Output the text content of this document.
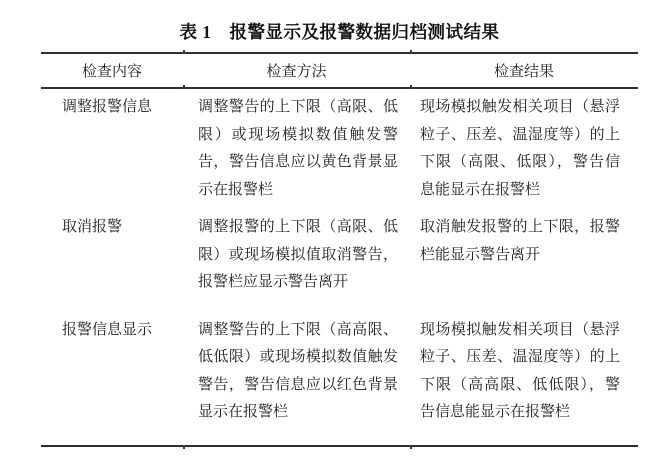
表 1　报警显示及报警数据归档测试结果
检查内容	检查方法	检查结果
调整报警信息	调整警告的上下限（高限、低限）或现场模拟数值触发警告，警告信息应以黄色背景显示在报警栏	现场模拟触发相关项目（悬浮粒子、压差、温湿度等）的上下限（高限、低限），警告信息能显示在报警栏
取消报警	调整报警的上下限（高限、低限）或现场模拟值取消警告，报警栏应显示警告离开	取消触发报警的上下限，报警栏能显示警告离开
报警信息显示	调整警告的上下限（高高限、低低限）或现场模拟数值触发警告，警告信息应以红色背景显示在报警栏	现场模拟触发相关项目（悬浮粒子、压差、温湿度等）的上下限（高高限、低低限），警告信息能显示在报警栏
